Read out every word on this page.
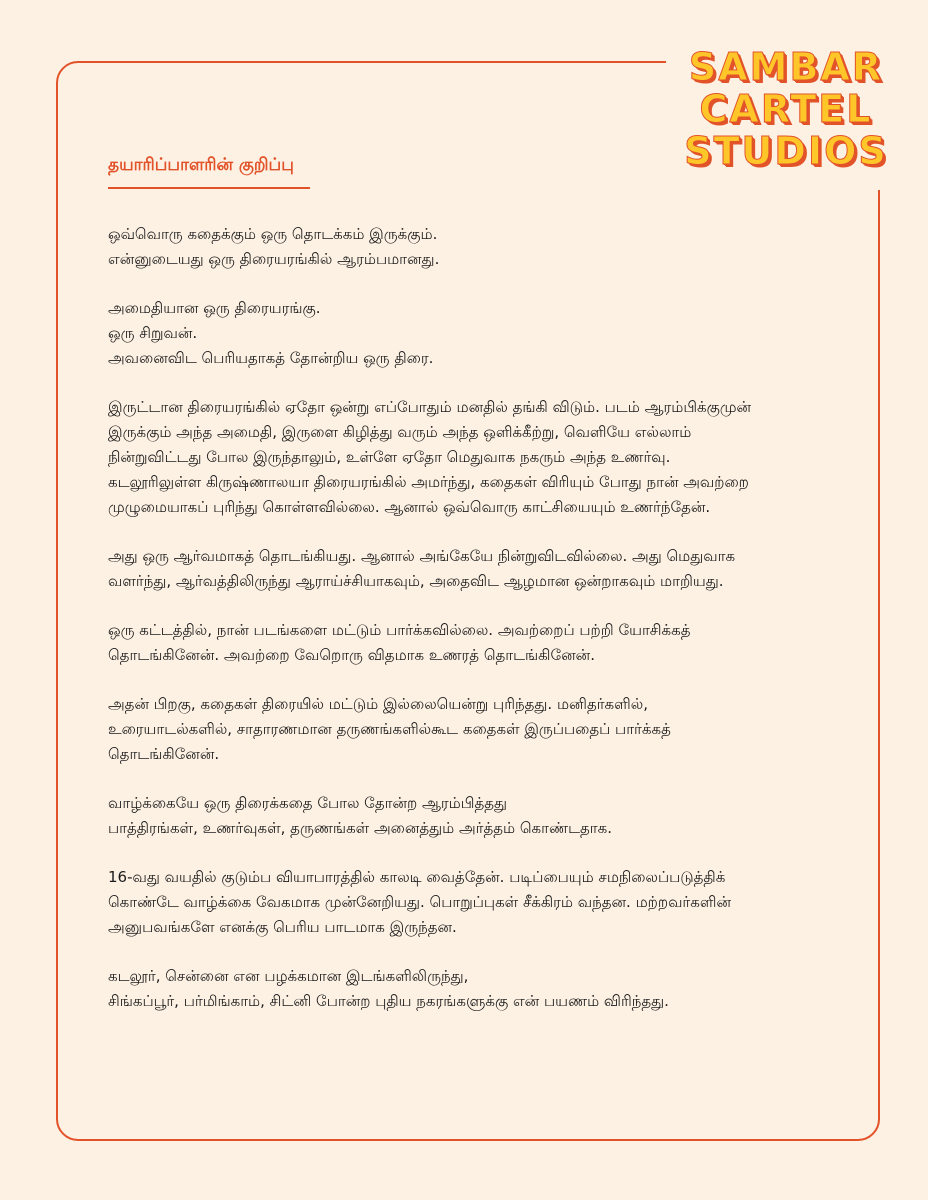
SAMBAR
CARTEL
STUDIOS
தயாரிப்பாளரின் குறிப்பு
ஒவ்வொரு கதைக்கும் ஒரு தொடக்கம் இருக்கும்.
என்னுடையது ஒரு திரையரங்கில் ஆரம்பமானது.
அமைதியான ஒரு திரையரங்கு.
ஒரு சிறுவன்.
அவனைவிட பெரியதாகத் தோன்றிய ஒரு திரை.
இருட்டான திரையரங்கில் ஏதோ ஒன்று எப்போதும் மனதில் தங்கி விடும். படம் ஆரம்பிக்குமுன்
இருக்கும் அந்த அமைதி, இருளை கிழித்து வரும் அந்த ஒளிக்கீற்று, வெளியே எல்லாம்
நின்றுவிட்டது போல இருந்தாலும், உள்ளே ஏதோ மெதுவாக நகரும் அந்த உணர்வு.
கடலூரிலுள்ள கிருஷ்ணாலயா திரையரங்கில் அமர்ந்து, கதைகள் விரியும் போது நான் அவற்றை
முழுமையாகப் புரிந்து கொள்ளவில்லை. ஆனால் ஒவ்வொரு காட்சியையும் உணர்ந்தேன்.
அது ஒரு ஆர்வமாகத் தொடங்கியது. ஆனால் அங்கேயே நின்றுவிடவில்லை. அது மெதுவாக
வளர்ந்து, ஆர்வத்திலிருந்து ஆராய்ச்சியாகவும், அதைவிட ஆழமான ஒன்றாகவும் மாறியது.
ஒரு கட்டத்தில், நான் படங்களை மட்டும் பார்க்கவில்லை. அவற்றைப் பற்றி யோசிக்கத்
தொடங்கினேன். அவற்றை வேறொரு விதமாக உணரத் தொடங்கினேன்.
அதன் பிறகு, கதைகள் திரையில் மட்டும் இல்லையென்று புரிந்தது. மனிதர்களில்,
உரையாடல்களில், சாதாரணமான தருணங்களில்கூட கதைகள் இருப்பதைப் பார்க்கத்
தொடங்கினேன்.
வாழ்க்கையே ஒரு திரைக்கதை போல தோன்ற ஆரம்பித்தது
பாத்திரங்கள், உணர்வுகள், தருணங்கள் அனைத்தும் அர்த்தம் கொண்டதாக.
16-வது வயதில் குடும்ப வியாபாரத்தில் காலடி வைத்தேன். படிப்பையும் சமநிலைப்படுத்திக்
கொண்டே வாழ்க்கை வேகமாக முன்னேறியது. பொறுப்புகள் சீக்கிரம் வந்தன. மற்றவர்களின்
அனுபவங்களே எனக்கு பெரிய பாடமாக இருந்தன.
கடலூர், சென்னை என பழக்கமான இடங்களிலிருந்து,
சிங்கப்பூர், பர்மிங்காம், சிட்னி போன்ற புதிய நகரங்களுக்கு என் பயணம் விரிந்தது.
